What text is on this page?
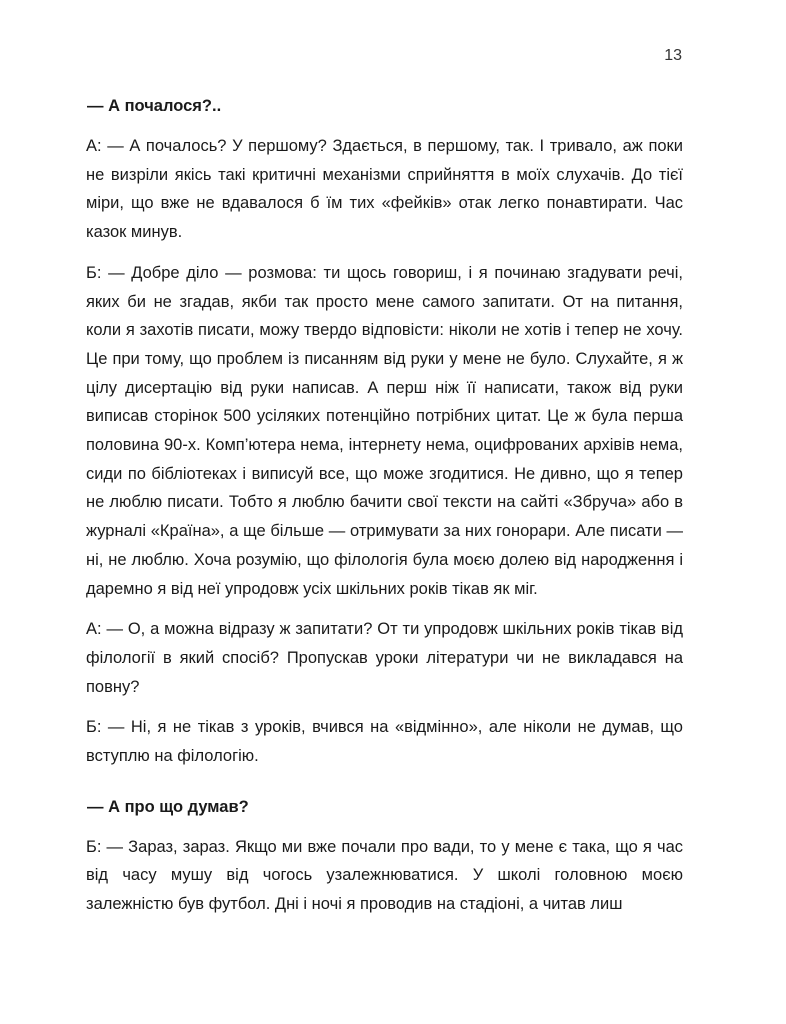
13

— А почалося?..

А: — А почалось? У першому? Здається, в першому, так. І тривало, аж поки не визріли якісь такі критичні механізми сприйняття в моїх слухачів. До тієї міри, що вже не вдавалося б їм тих «фейків» отак легко понавтирати. Час казок минув.

Б: — Добре діло — розмова: ти щось говориш, і я починаю згадувати речі, яких би не згадав, якби так просто мене самого запитати. От на питання, коли я захотів писати, можу твердо відповісти: ніколи не хотів і тепер не хочу. Це при тому, що проблем із писанням від руки у мене не було. Слухайте, я ж цілу дисертацію від руки написав. А перш ніж її написати, також від руки виписав сторінок 500 усіляких потенційно потрібних цитат. Це ж була перша половина 90-х. Комп’ютера нема, інтернету нема, оцифрованих архівів нема, сиди по бібліотеках і виписуй все, що може згодитися. Не дивно, що я тепер не люблю писати. Тобто я люблю бачити свої тексти на сайті «Збруча» або в журналі «Країна», а ще більше — отримувати за них гонорари. Але писати — ні, не люблю. Хоча розумію, що філологія була моєю долею від народження і даремно я від неї упродовж усіх шкільних років тікав як міг.

А: — О, а можна відразу ж запитати? От ти упродовж шкільних років тікав від філології в який спосіб? Пропускав уроки літератури чи не викладався на повну?

Б: — Ні, я не тікав з уроків, вчився на «відмінно», але ніколи не думав, що вступлю на філологію.

— А про що думав?

Б: — Зараз, зараз. Якщо ми вже почали про вади, то у мене є така, що я час від часу мушу від чогось узалежнюватися. У школі головною моєю залежністю був футбол. Дні і ночі я проводив на стадіоні, а читав лиш
